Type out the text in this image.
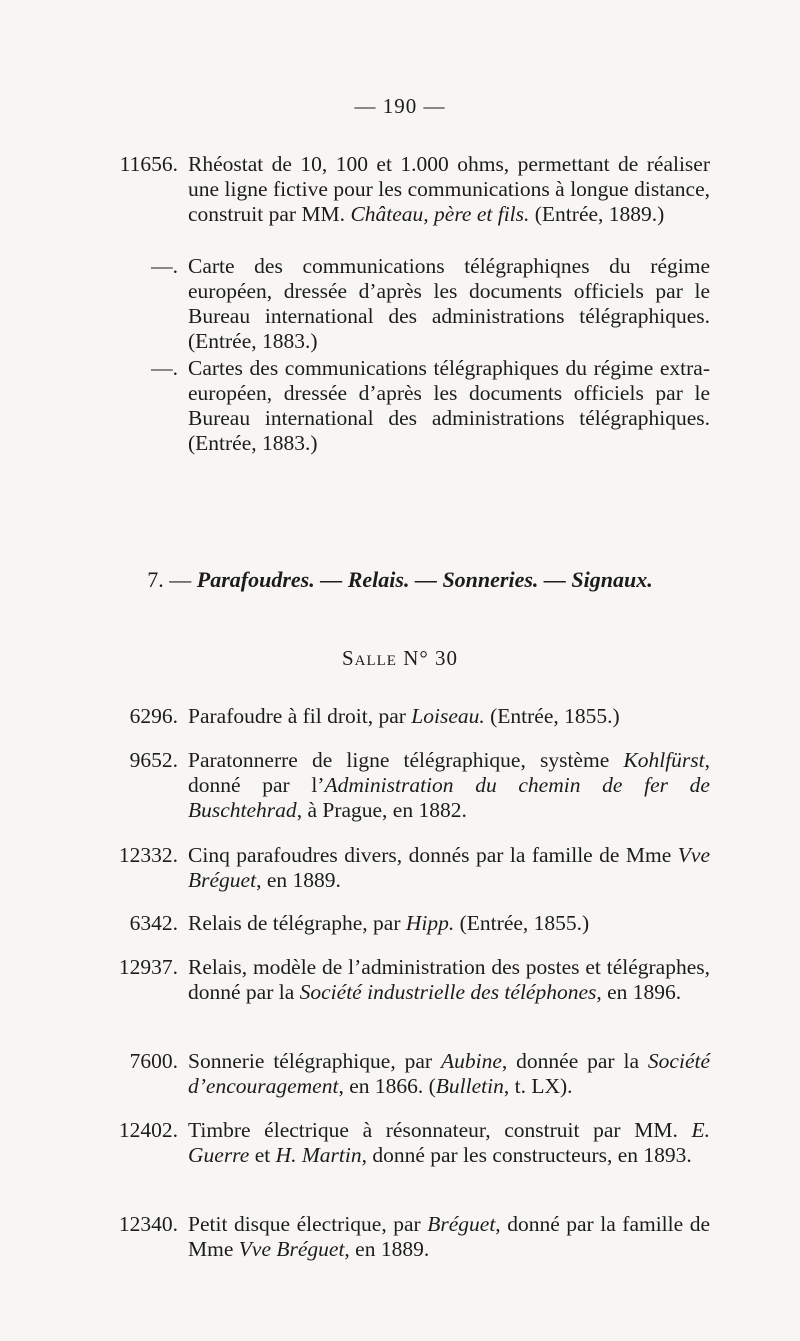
— 190 —
11656. Rhéostat de 10, 100 et 1.000 ohms, permettant de réaliser une ligne fictive pour les communications à longue distance, construit par MM. Château, père et fils. (Entrée, 1889.)
—. Carte des communications télégraphiqnes du régime européen, dressée d’après les documents officiels par le Bureau international des administrations télégraphiques. (Entrée, 1883.)
—. Cartes des communications télégraphiques du régime extra-européen, dressée d’après les documents officiels par le Bureau international des administrations télégraphiques. (Entrée, 1883.)
7. — Parafoudres. — Relais. — Sonneries. — Signaux.
Salle N° 30
6296. Parafoudre à fil droit, par Loiseau. (Entrée, 1855.)
9652. Paratonnerre de ligne télégraphique, système Kohlfürst, donné par l’Administration du chemin de fer de Buschtehrad, à Prague, en 1882.
12332. Cinq parafoudres divers, donnés par la famille de Mme Vve Bréguet, en 1889.
6342. Relais de télégraphe, par Hipp. (Entrée, 1855.)
12937. Relais, modèle de l’administration des postes et télégraphes, donné par la Société industrielle des téléphones, en 1896.
7600. Sonnerie télégraphique, par Aubine, donnée par la Société d’encouragement, en 1866. (Bulletin, t. LX).
12402. Timbre électrique à résonnateur, construit par MM. E. Guerre et H. Martin, donné par les constructeurs, en 1893.
12340. Petit disque électrique, par Bréguet, donné par la famille de Mme Vve Bréguet, en 1889.
